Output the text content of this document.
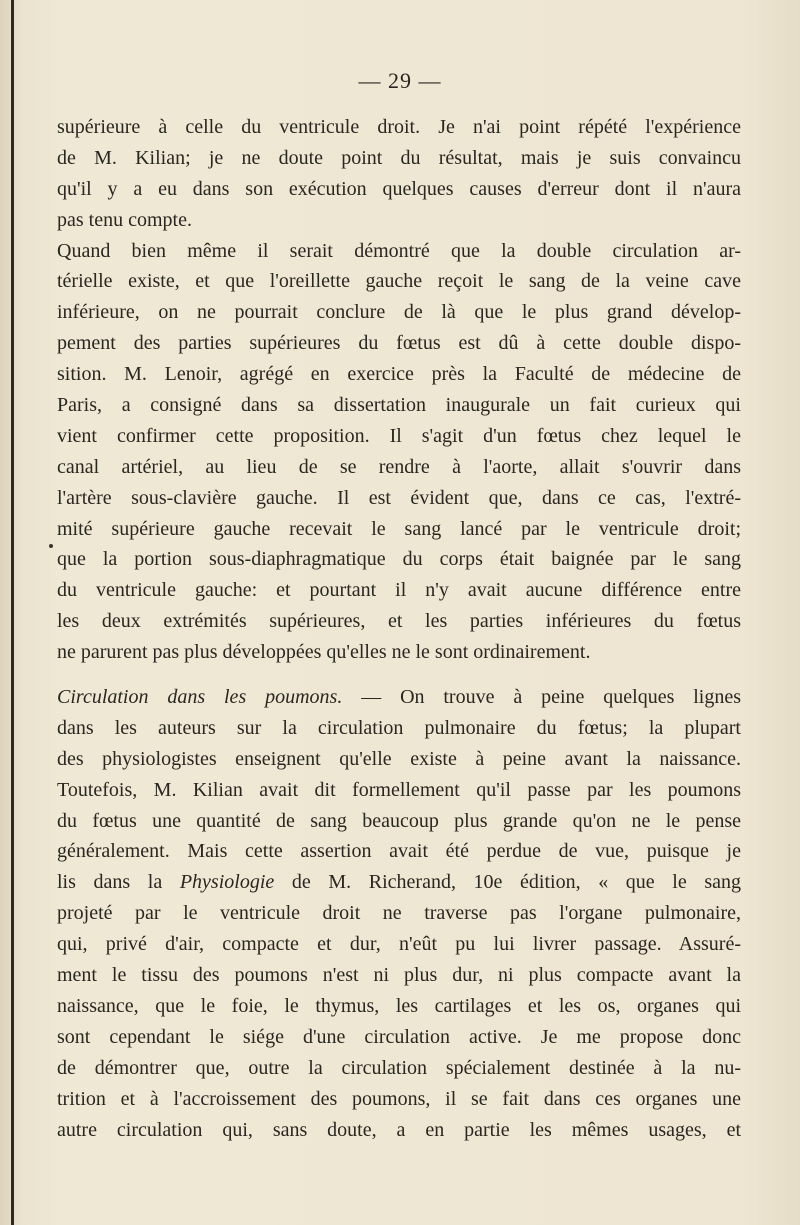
— 29 —
supérieure à celle du ventricule droit. Je n'ai point répété l'expérience
de M. Kilian; je ne doute point du résultat, mais je suis convaincu
qu'il y a eu dans son exécution quelques causes d'erreur dont il n'aura
pas tenu compte.
Quand bien même il serait démontré que la double circulation ar-
térielle existe, et que l'oreillette gauche reçoit le sang de la veine cave
inférieure, on ne pourrait conclure de là que le plus grand dévelop-
pement des parties supérieures du fœtus est dû à cette double dispo-
sition. M. Lenoir, agrégé en exercice près la Faculté de médecine de
Paris, a consigné dans sa dissertation inaugurale un fait curieux qui
vient confirmer cette proposition. Il s'agit d'un fœtus chez lequel le
canal artériel, au lieu de se rendre à l'aorte, allait s'ouvrir dans
l'artère sous-clavière gauche. Il est évident que, dans ce cas, l'extré-
mité supérieure gauche recevait le sang lancé par le ventricule droit;
que la portion sous-diaphragmatique du corps était baignée par le sang
du ventricule gauche: et pourtant il n'y avait aucune différence entre
les deux extrémités supérieures, et les parties inférieures du fœtus
ne parurent pas plus développées qu'elles ne le sont ordinairement.
Circulation dans les poumons. — On trouve à peine quelques lignes
dans les auteurs sur la circulation pulmonaire du fœtus; la plupart
des physiologistes enseignent qu'elle existe à peine avant la naissance.
Toutefois, M. Kilian avait dit formellement qu'il passe par les poumons
du fœtus une quantité de sang beaucoup plus grande qu'on ne le pense
généralement. Mais cette assertion avait été perdue de vue, puisque je
lis dans la Physiologie de M. Richerand, 10e édition, « que le sang
projeté par le ventricule droit ne traverse pas l'organe pulmonaire,
qui, privé d'air, compacte et dur, n'eût pu lui livrer passage. Assuré-
ment le tissu des poumons n'est ni plus dur, ni plus compacte avant la
naissance, que le foie, le thymus, les cartilages et les os, organes qui
sont cependant le siége d'une circulation active. Je me propose donc
de démontrer que, outre la circulation spécialement destinée à la nu-
trition et à l'accroissement des poumons, il se fait dans ces organes une
autre circulation qui, sans doute, a en partie les mêmes usages, et
